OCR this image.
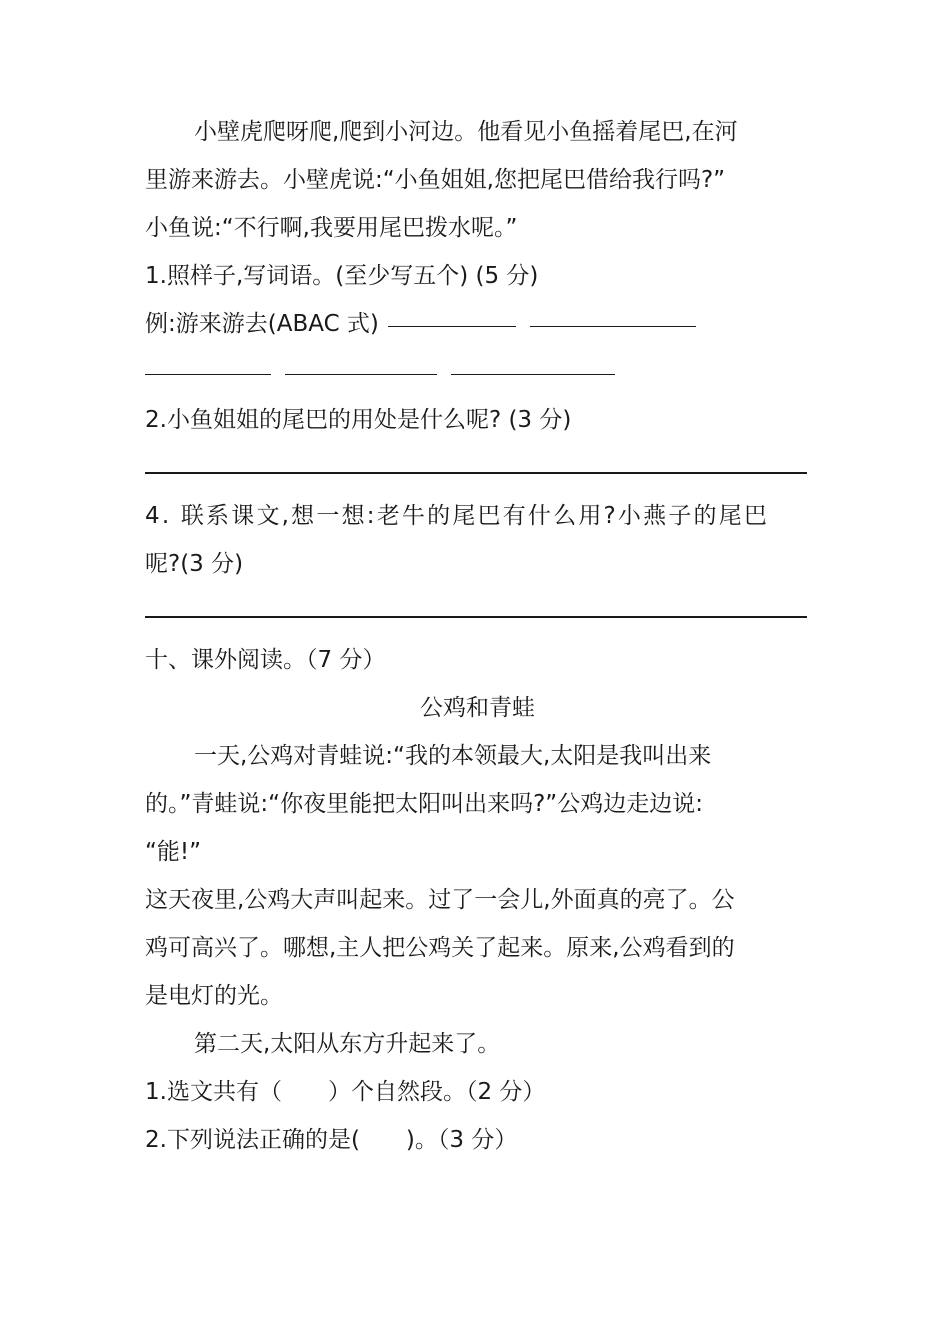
小壁虎爬呀爬,爬到小河边。他看见小鱼摇着尾巴,在河

里游来游去。小壁虎说:“小鱼姐姐,您把尾巴借给我行吗?”

小鱼说:“不行啊,我要用尾巴拨水呢。”

1.照样子,写词语。(至少写五个) (5 分)

例:游来游去(ABAC 式)

2.小鱼姐姐的尾巴的用处是什么呢? (3 分)

4. 联系课文,想一想:老牛的尾巴有什么用?小燕子的尾巴

呢?(3 分)

十、课外阅读。（7 分）

公鸡和青蛙

一天,公鸡对青蛙说:“我的本领最大,太阳是我叫出来

的。”青蛙说:“你夜里能把太阳叫出来吗?”公鸡边走边说:

“能!”

这天夜里,公鸡大声叫起来。过了一会儿,外面真的亮了。公

鸡可高兴了。哪想,主人把公鸡关了起来。原来,公鸡看到的

是电灯的光。

第二天,太阳从东方升起来了。

1.选文共有（　　）个自然段。（2 分）

2.下列说法正确的是(　　)。（3 分）
